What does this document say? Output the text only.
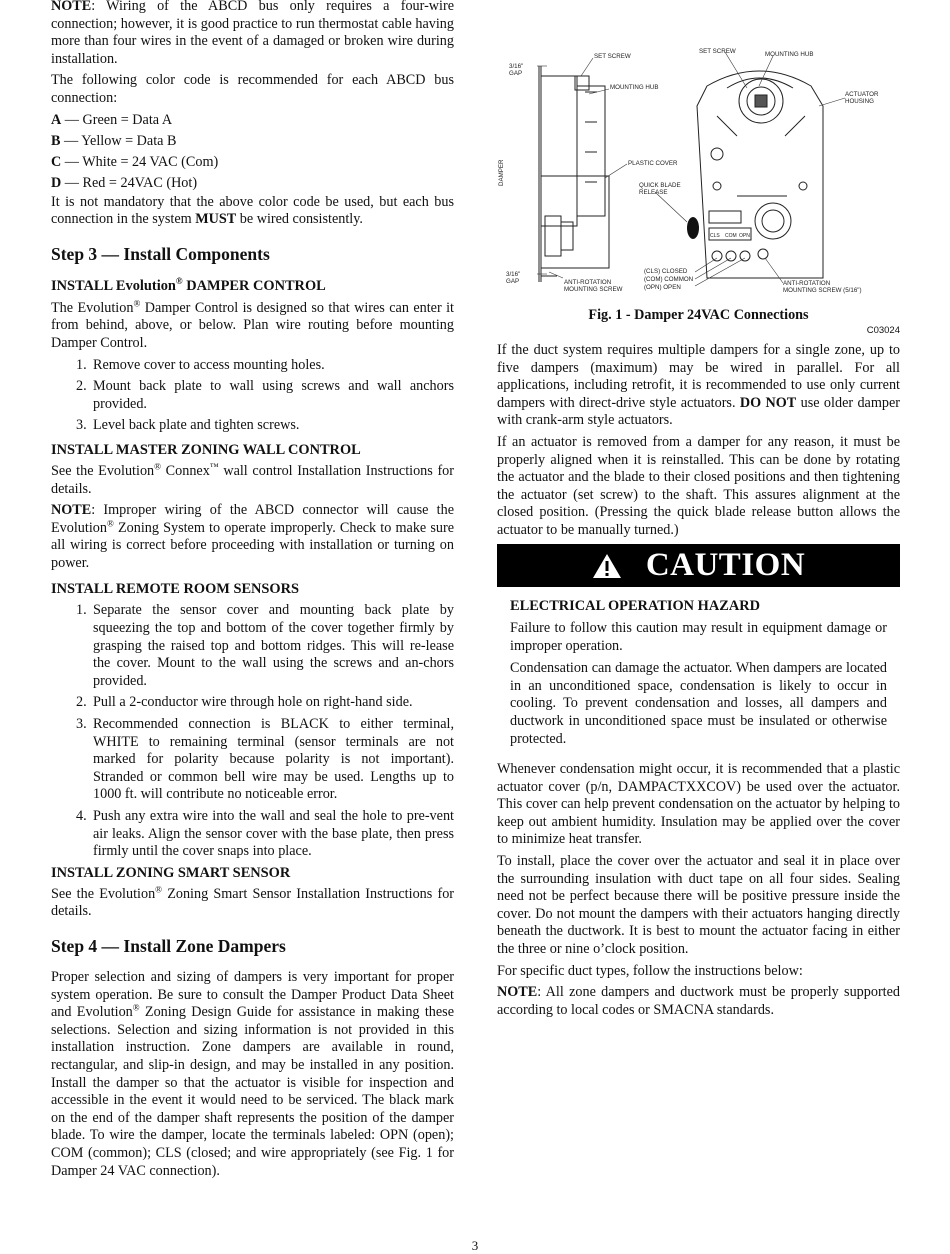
NOTE: Wiring of the ABCD bus only requires a four-wire connection; however, it is good practice to run thermostat cable having more than four wires in the event of a damaged or broken wire during installation.

The following color code is recommended for each ABCD bus connection:

A — Green = Data A
B — Yellow = Data B
C — White = 24 VAC (Com)
D — Red = 24VAC (Hot)

It is not mandatory that the above color code be used, but each bus connection in the system MUST be wired consistently.

Step 3 — Install Components
INSTALL Evolution® DAMPER CONTROL

The Evolution® Damper Control is designed so that wires can enter it from behind, above, or below. Plan wire routing before mounting Damper Control.

1. Remove cover to access mounting holes.
2. Mount back plate to wall using screws and wall anchors provided.
3. Level back plate and tighten screws.
INSTALL MASTER ZONING WALL CONTROL

See the Evolution® Connex™ wall control Installation Instructions for details.

NOTE: Improper wiring of the ABCD connector will cause the Evolution® Zoning System to operate improperly. Check to make sure all wiring is correct before proceeding with installation or turning on power.

INSTALL REMOTE ROOM SENSORS
1. Separate the sensor cover and mounting back plate by squeezing the top and bottom of the cover together firmly by grasping the raised top and bottom ridges. This will re-lease the cover. Mount to the wall using the screws and an-chors provided.
2. Pull a 2-conductor wire through hole on right-hand side.
3. Recommended connection is BLACK to either terminal, WHITE to remaining terminal (sensor terminals are not marked for polarity because polarity is not important). Stranded or common bell wire may be used. Lengths up to 1000 ft. will contribute no noticeable error.
4. Push any extra wire into the wall and seal the hole to pre-vent air leaks. Align the sensor cover with the base plate, then press firmly until the cover snaps into place.
INSTALL ZONING SMART SENSOR

See the Evolution® Zoning Smart Sensor Installation Instructions for details.

Step 4 — Install Zone Dampers

Proper selection and sizing of dampers is very important for proper system operation. Be sure to consult the Damper Product Data Sheet and Evolution® Zoning Design Guide for assistance in making these selections. Selection and sizing information is not provided in this installation instruction. Zone dampers are available in round, rectangular, and slip-in design, and may be installed in any position. Install the damper so that the actuator is visible for inspection and accessible in the event it would need to be serviced. The black mark on the end of the damper shaft represents the position of the damper blade. To wire the damper, locate the terminals labeled: OPN (open); COM (common); CLS (closed; and wire appropriately (see Fig. 1 for Damper 24 VAC connection).

SET SCREW
MOUNTING HUB
SET SCREW	MOUNTING HUB
ACTUATOR
HOUSING
3/16"
GAP
DAMPER	PLASTIC COVER
QUICK BLADE
RELEASE
3/16"
GAP	ANTI-ROTATION
MOUNTING SCREW
(CLS) CLOSED
(COM) COMMON
(OPN) OPEN
ANTI-ROTATION
MOUNTING SCREW (5/16")
CLS COM OPN
Fig. 1 - Damper 24VAC Connections
C03024

If the duct system requires multiple dampers for a single zone, up to five dampers (maximum) may be wired in parallel. For all applications, including retrofit, it is recommended to use only current dampers with direct-drive style actuators. DO NOT use older damper with crank-arm style actuators.

If an actuator is removed from a damper for any reason, it must be properly aligned when it is reinstalled. This can be done by rotating the actuator and the blade to their closed positions and then tightening the actuator (set screw) to the shaft. This assures alignment at the closed position. (Pressing the quick blade release button allows the actuator to be manually turned.)

CAUTION
ELECTRICAL OPERATION HAZARD

Failure to follow this caution may result in equipment damage or improper operation.

Condensation can damage the actuator. When dampers are located in an unconditioned space, condensation is likely to occur in cooling. To prevent condensation and losses, all dampers and ductwork in unconditioned space must be insulated or otherwise protected.

Whenever condensation might occur, it is recommended that a plastic actuator cover (p/n, DAMPACTXXCOV) be used over the actuator. This cover can help prevent condensation on the actuator by helping to keep out ambient humidity. Insulation may be applied over the cover to minimize heat transfer.

To install, place the cover over the actuator and seal it in place over the surrounding insulation with duct tape on all four sides. Sealing need not be perfect because there will be positive pressure inside the cover. Do not mount the dampers with their actuators hanging directly beneath the ductwork. It is best to mount the actuator facing in either the three or nine o’clock position.

For specific duct types, follow the instructions below:

NOTE: All zone dampers and ductwork must be properly supported according to local codes or SMACNA standards.

3
